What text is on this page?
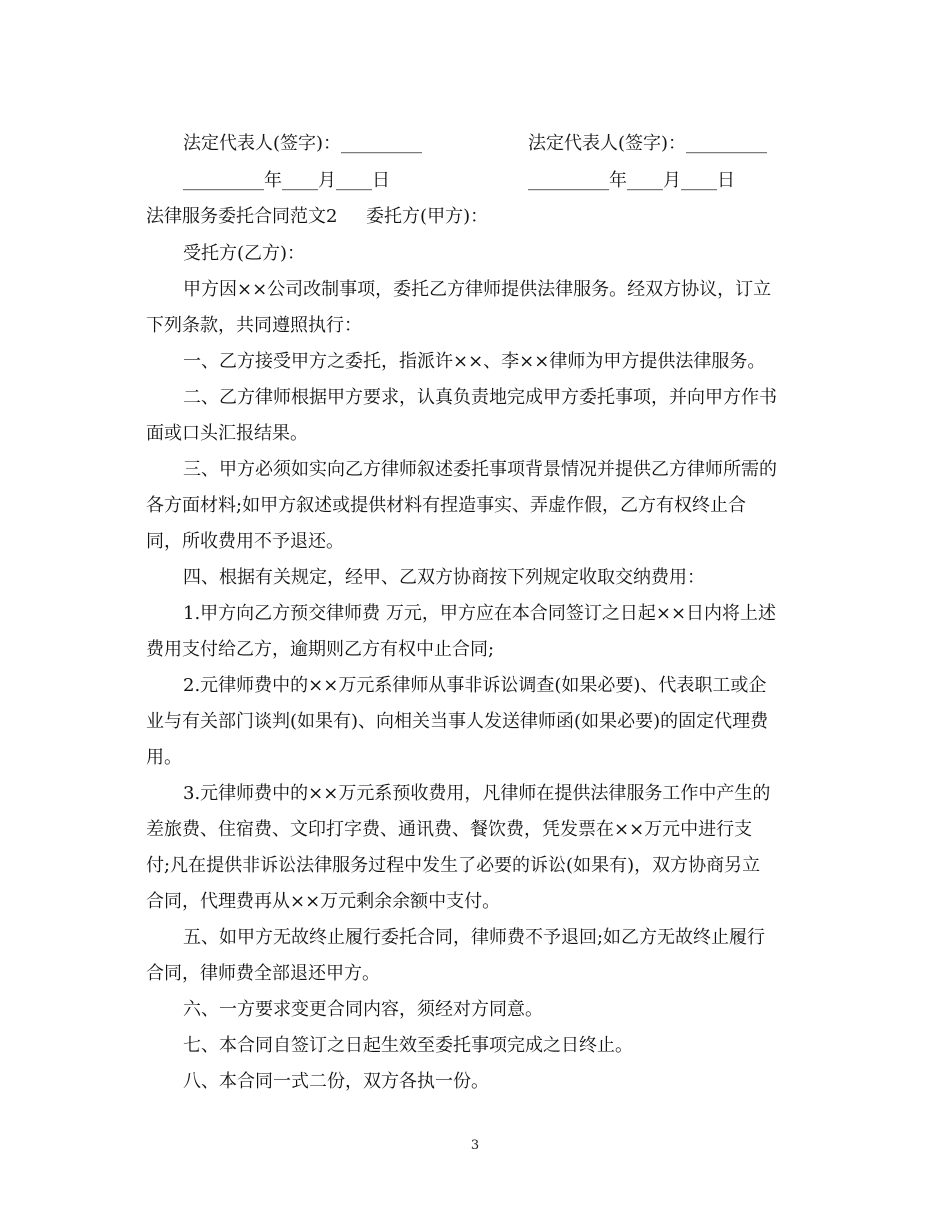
法定代表人(签字)：_________	法定代表人(签字)：_________
_________年____月____日	_________年____月____日
法律服务委托合同范文2     委托方(甲方)：
受托方(乙方)：
甲方因××公司改制事项，委托乙方律师提供法律服务。经双方协议，订立
下列条款，共同遵照执行：
一、乙方接受甲方之委托，指派许××、李××律师为甲方提供法律服务。
二、乙方律师根据甲方要求，认真负责地完成甲方委托事项，并向甲方作书
面或口头汇报结果。
三、甲方必须如实向乙方律师叙述委托事项背景情况并提供乙方律师所需的
各方面材料;如甲方叙述或提供材料有捏造事实、弄虚作假，乙方有权终止合
同，所收费用不予退还。
四、根据有关规定，经甲、乙双方协商按下列规定收取交纳费用：
1.甲方向乙方预交律师费 万元，甲方应在本合同签订之日起××日内将上述
费用支付给乙方，逾期则乙方有权中止合同;
2.元律师费中的××万元系律师从事非诉讼调查(如果必要)、代表职工或企
业与有关部门谈判(如果有)、向相关当事人发送律师函(如果必要)的固定代理费
用。
3.元律师费中的××万元系预收费用，凡律师在提供法律服务工作中产生的
差旅费、住宿费、文印打字费、通讯费、餐饮费，凭发票在××万元中进行支
付;凡在提供非诉讼法律服务过程中发生了必要的诉讼(如果有)，双方协商另立
合同，代理费再从××万元剩余余额中支付。
五、如甲方无故终止履行委托合同，律师费不予退回;如乙方无故终止履行
合同，律师费全部退还甲方。
六、一方要求变更合同内容，须经对方同意。
七、本合同自签订之日起生效至委托事项完成之日终止。
八、本合同一式二份，双方各执一份。
3
